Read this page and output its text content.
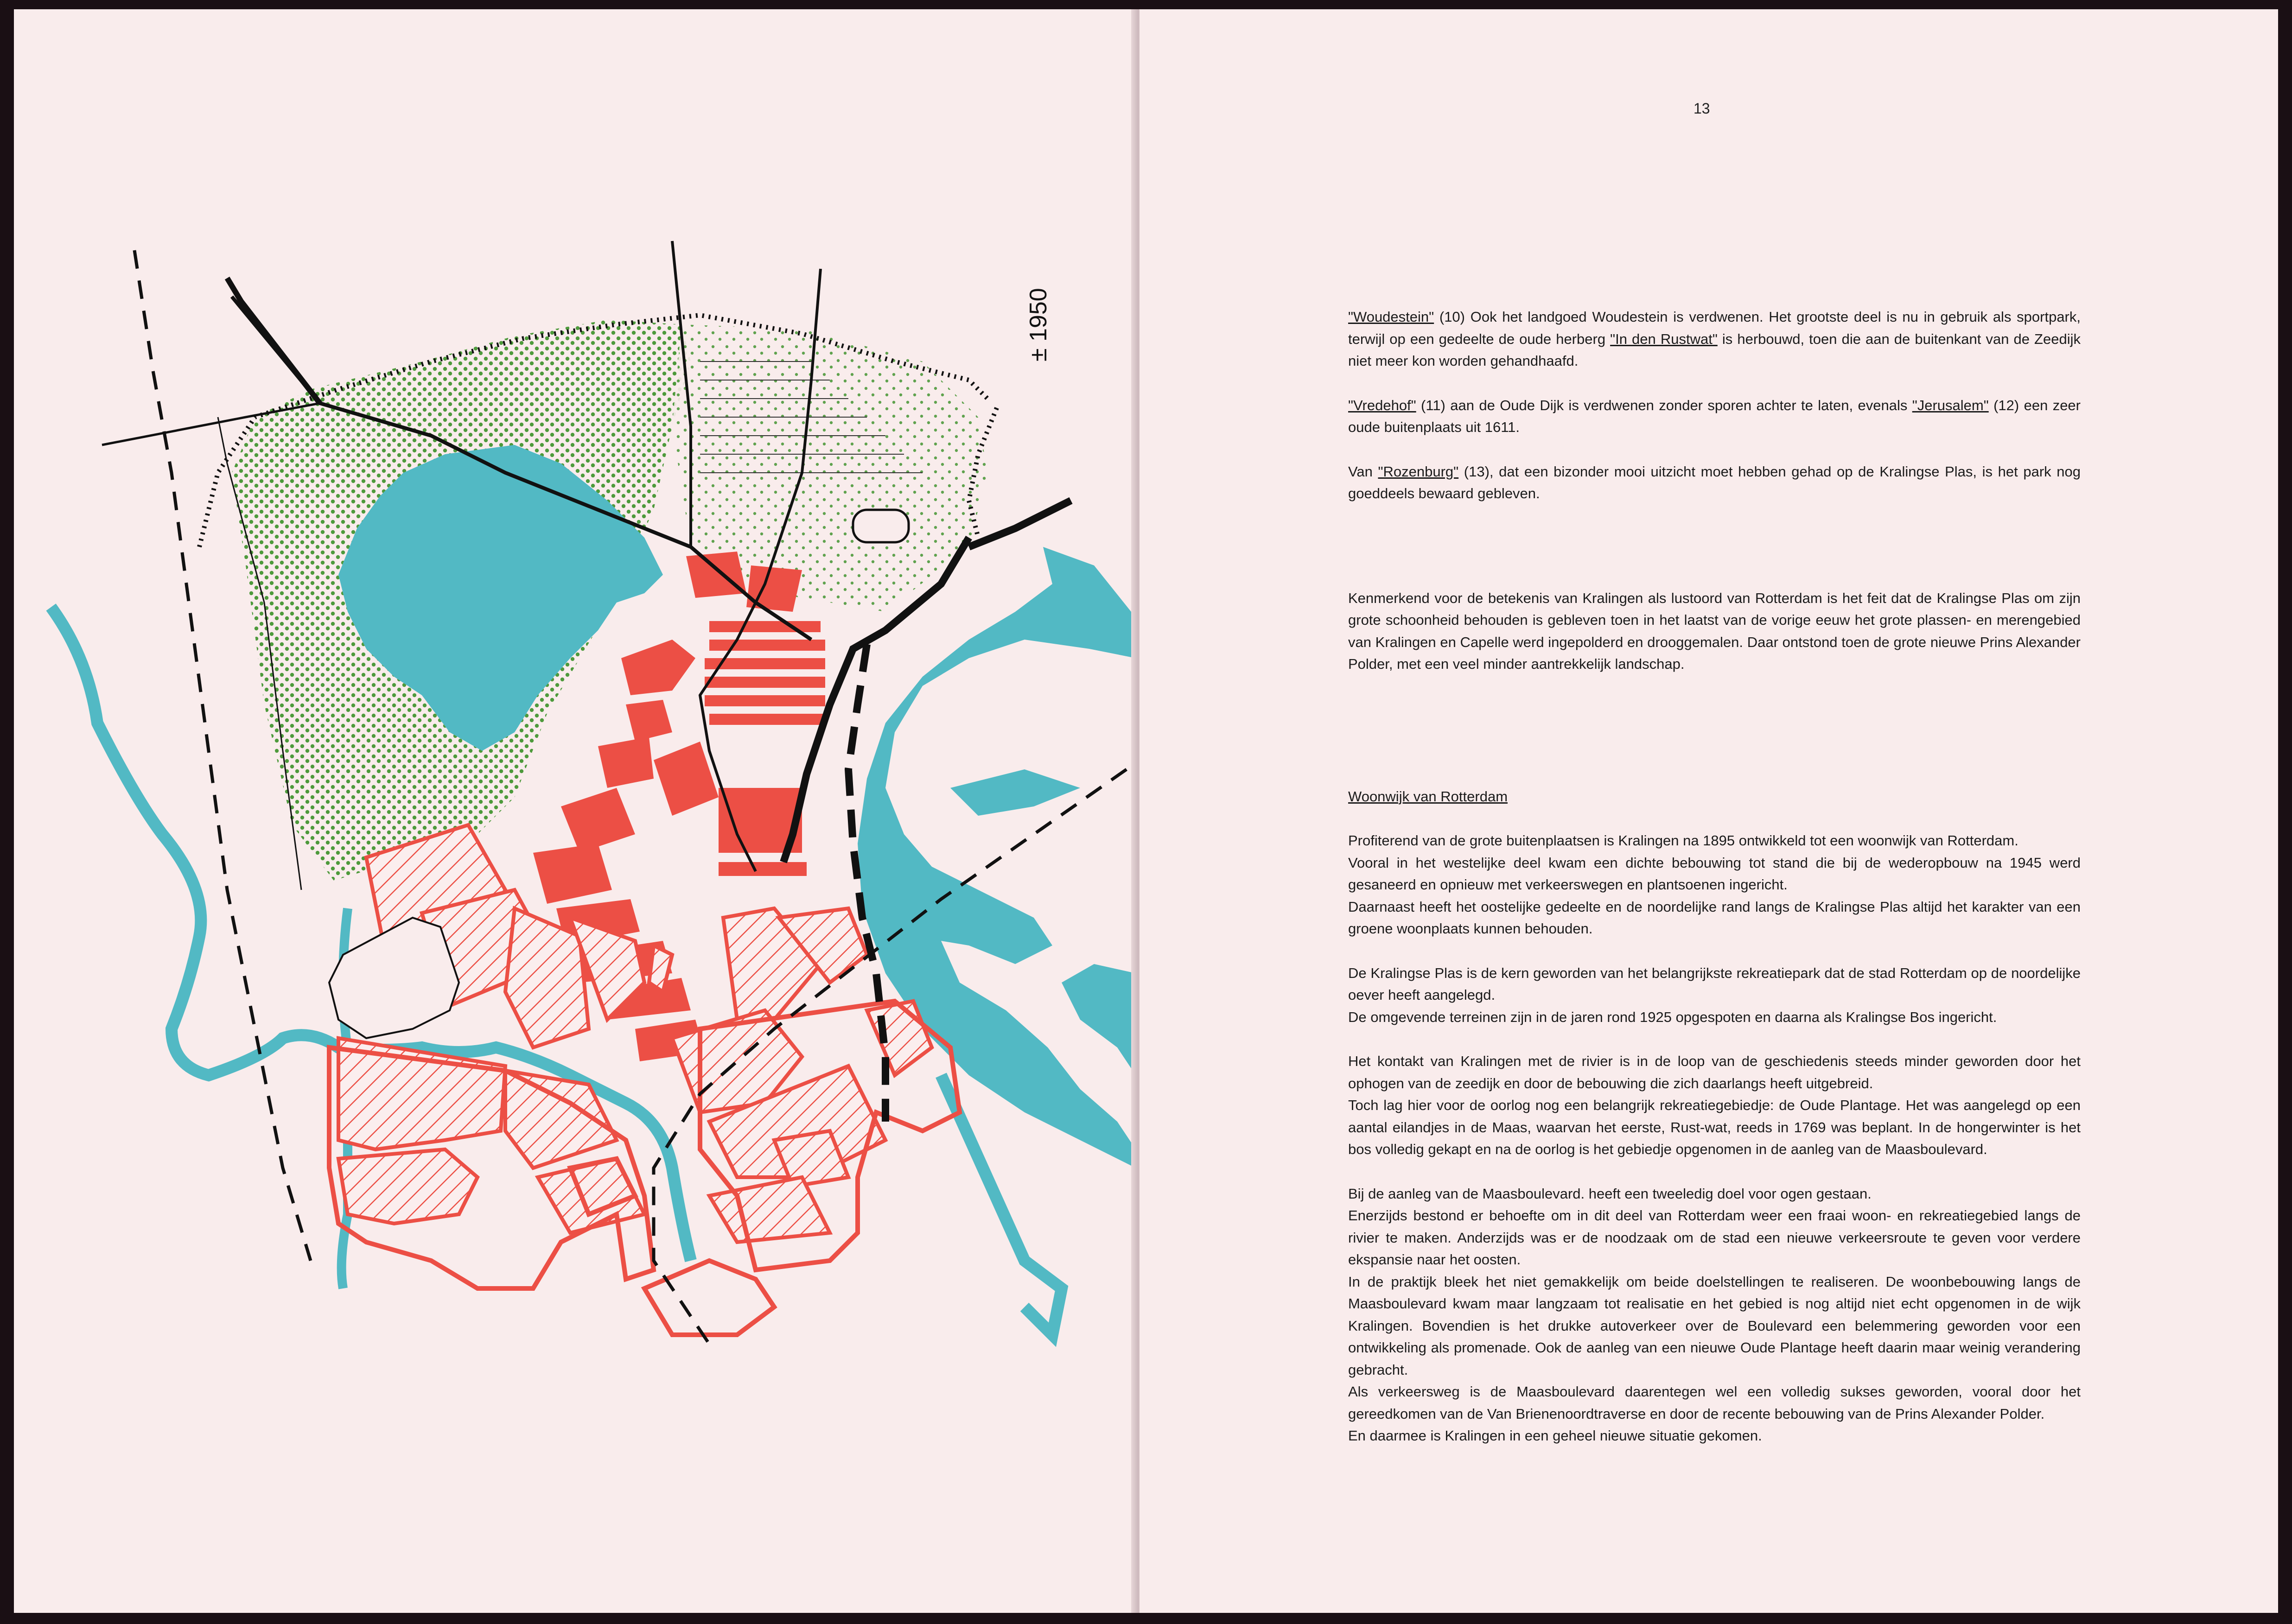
± 1950
13

"Woudestein" (10) Ook het landgoed Woudestein is verdwenen. Het grootste deel is nu in gebruik als sportpark, terwijl op een gedeelte de oude herberg "In den Rustwat" is herbouwd, toen die aan de buitenkant van de Zeedijk niet meer kon worden gehandhaafd.

"Vredehof" (11) aan de Oude Dijk is verdwenen zonder sporen achter te laten, evenals "Jerusalem" (12) een zeer oude buitenplaats uit 1611.

Van "Rozenburg" (13), dat een bizonder mooi uitzicht moet hebben gehad op de Kralingse Plas, is het park nog goeddeels bewaard gebleven.

Kenmerkend voor de betekenis van Kralingen als lustoord van Rotterdam is het feit dat de Kralingse Plas om zijn grote schoonheid behouden is gebleven toen in het laatst van de vorige eeuw het grote plassen- en merengebied van Kralingen en Capelle werd ingepolderd en drooggemalen. Daar ontstond toen de grote nieuwe Prins Alexander Polder, met een veel minder aantrekkelijk landschap.

Woonwijk van Rotterdam

Profiterend van de grote buitenplaatsen is Kralingen na 1895 ontwikkeld tot een woonwijk van Rotterdam.
Vooral in het westelijke deel kwam een dichte bebouwing tot stand die bij de wederopbouw na 1945 werd gesaneerd en opnieuw met verkeerswegen en plantsoenen ingericht.
Daarnaast heeft het oostelijke gedeelte en de noordelijke rand langs de Kralingse Plas altijd het karakter van een groene woonplaats kunnen behouden.

De Kralingse Plas is de kern geworden van het belangrijkste rekreatiepark dat de stad Rotterdam op de noordelijke oever heeft aangelegd.
De omgevende terreinen zijn in de jaren rond 1925 opgespoten en daarna als Kralingse Bos ingericht.

Het kontakt van Kralingen met de rivier is in de loop van de geschiedenis steeds minder geworden door het ophogen van de zeedijk en door de bebouwing die zich daarlangs heeft uitgebreid.
Toch lag hier voor de oorlog nog een belangrijk rekreatiegebiedje: de Oude Plantage. Het was aangelegd op een aantal eilandjes in de Maas, waarvan het eerste, Rust-wat, reeds in 1769 was beplant. In de hongerwinter is het bos volledig gekapt en na de oorlog is het gebiedje opgenomen in de aanleg van de Maasboulevard.

Bij de aanleg van de Maasboulevard. heeft een tweeledig doel voor ogen gestaan.
Enerzijds bestond er behoefte om in dit deel van Rotterdam weer een fraai woon- en rekreatiegebied langs de rivier te maken. Anderzijds was er de noodzaak om de stad een nieuwe verkeersroute te geven voor verdere ekspansie naar het oosten.
In de praktijk bleek het niet gemakkelijk om beide doelstellingen te realiseren. De woonbebouwing langs de Maasboulevard kwam maar langzaam tot realisatie en het gebied is nog altijd niet echt opgenomen in de wijk Kralingen. Bovendien is het drukke autoverkeer over de Boulevard een belemmering geworden voor een ontwikkeling als promenade. Ook de aanleg van een nieuwe Oude Plantage heeft daarin maar weinig verandering gebracht.
Als verkeersweg is de Maasboulevard daarentegen wel een volledig sukses geworden, vooral door het gereedkomen van de Van Brienenoordtraverse en door de recente bebouwing van de Prins Alexander Polder.
En daarmee is Kralingen in een geheel nieuwe situatie gekomen.
